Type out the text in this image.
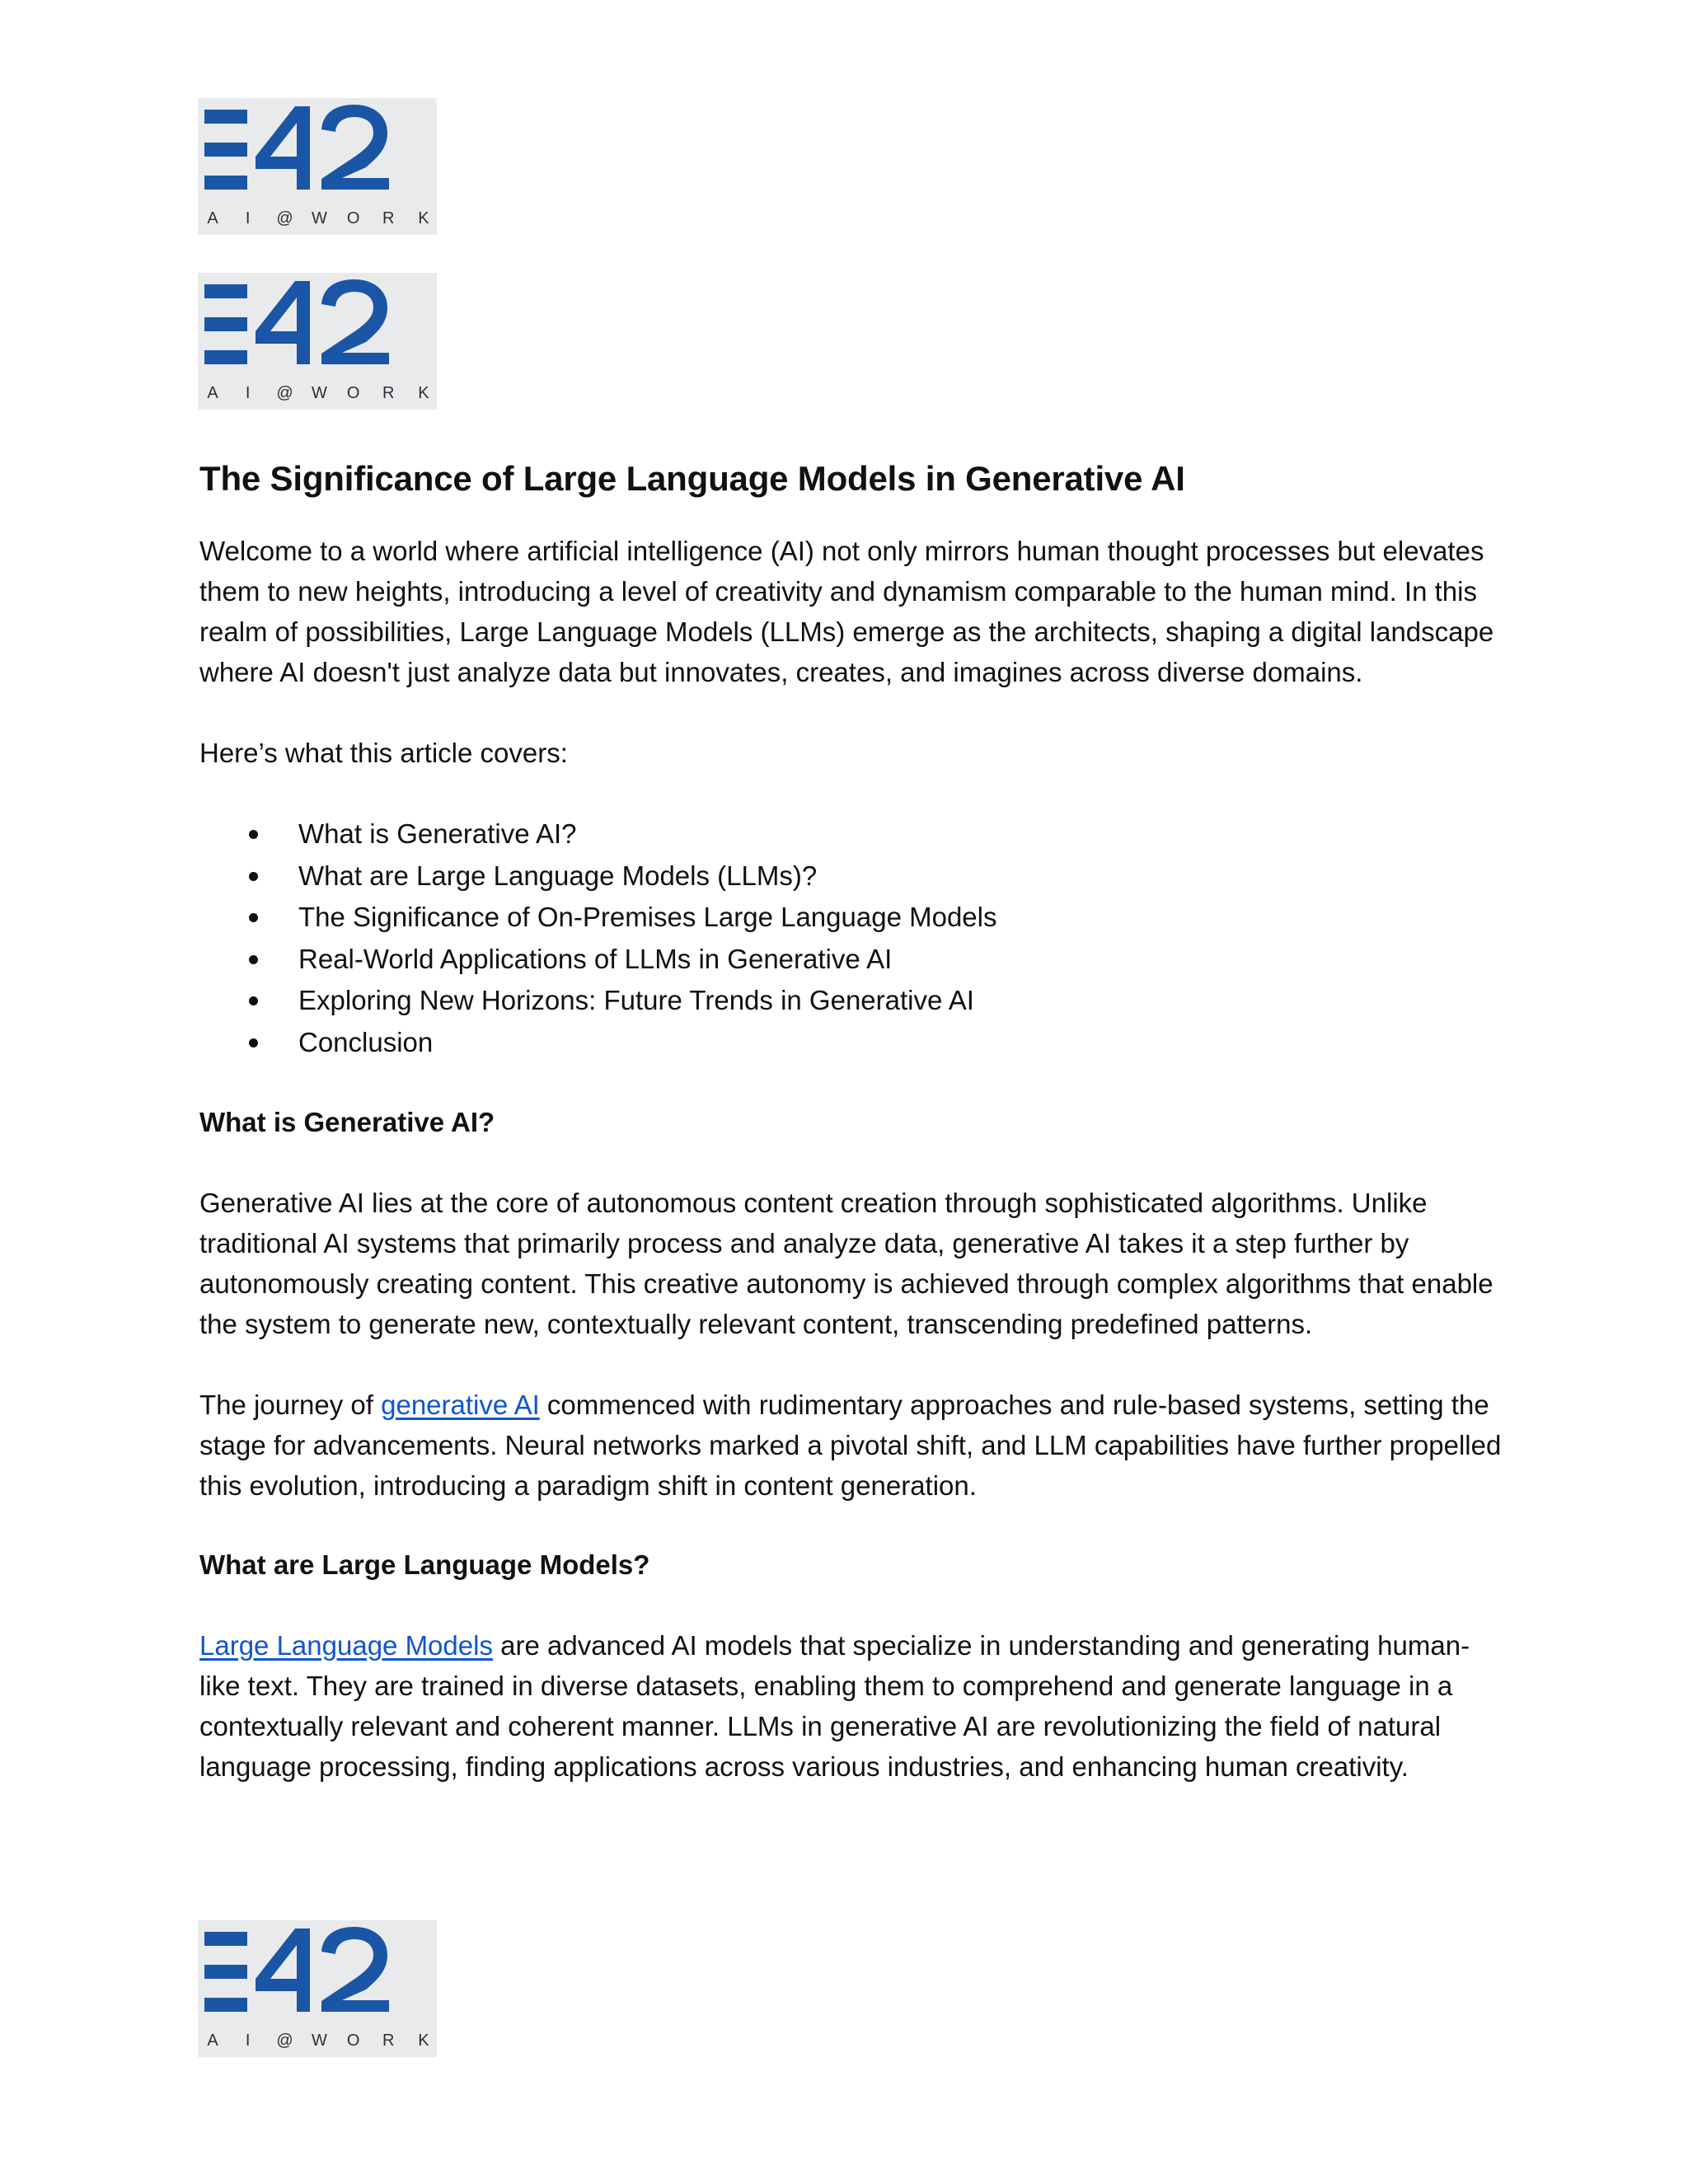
A I @ W O R K
A I @ W O R K
The Significance of Large Language Models in Generative AI

Welcome to a world where artificial intelligence (AI) not only mirrors human thought processes but elevates them to new heights, introducing a level of creativity and dynamism comparable to the human mind. In this realm of possibilities, Large Language Models (LLMs) emerge as the architects, shaping a digital landscape where AI doesn't just analyze data but innovates, creates, and imagines across diverse domains.

Here’s what this article covers:

What is Generative AI?
What are Large Language Models (LLMs)?
The Significance of On-Premises Large Language Models
Real-World Applications of LLMs in Generative AI
Exploring New Horizons: Future Trends in Generative AI
Conclusion
What is Generative AI?

Generative AI lies at the core of autonomous content creation through sophisticated algorithms. Unlike traditional AI systems that primarily process and analyze data, generative AI takes it a step further by autonomously creating content. This creative autonomy is achieved through complex algorithms that enable the system to generate new, contextually relevant content, transcending predefined patterns.

The journey of generative AI commenced with rudimentary approaches and rule-based systems, setting the stage for advancements. Neural networks marked a pivotal shift, and LLM capabilities have further propelled this evolution, introducing a paradigm shift in content generation.

What are Large Language Models?

Large Language Models are advanced AI models that specialize in understanding and generating human-like text. They are trained in diverse datasets, enabling them to comprehend and generate language in a contextually relevant and coherent manner. LLMs in generative AI are revolutionizing the field of natural language processing, finding applications across various industries, and enhancing human creativity.

A I @ W O R K
